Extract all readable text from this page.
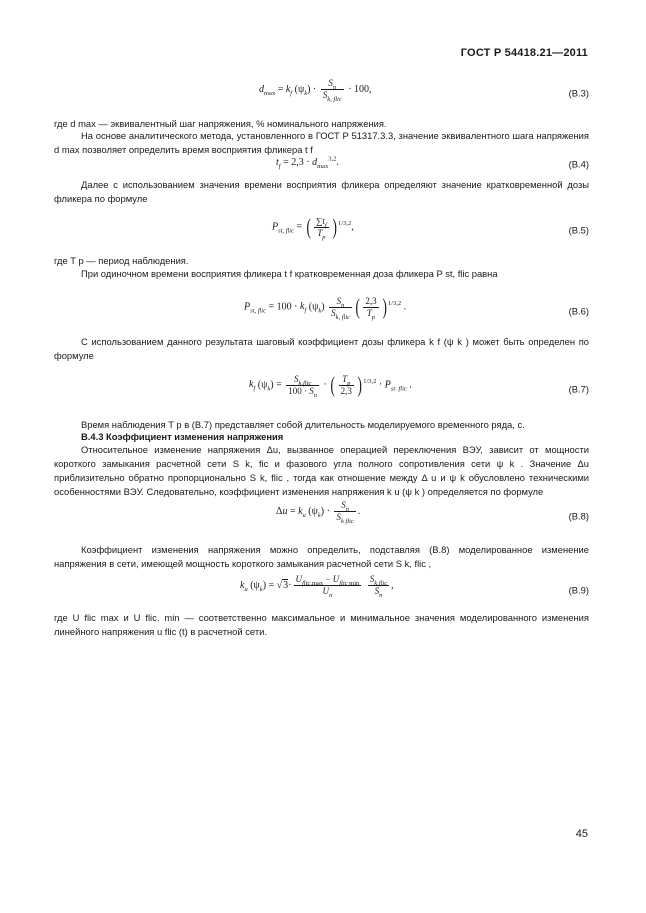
ГОСТ Р 54418.21—2011
$d_{max} = k_f$ $(\psi_k) \cdot \frac{S_n}{S_{k, flic}} \cdot 100$,	(B.3)
где d max — эквивалентный шаг напряжения, % номинального напряжения.
На основе аналитического метода, установленного в ГОСТ Р 51317.3.3, значение эквивалентного шага напряжения d max позволяет определить время восприятия фликера t f
$t_f = 2,3 \cdot d_{max}^{3,2}$.	(B.4)
Далее с использованием значения времени восприятия фликера определяют значение кратковременной дозы фликера по формуле
$P_{st, flic}$ = ( $\frac{\sum t_f}{T_p} )^{1/3,2}$,	(B.5)
где T p — период наблюдения.
При одиночном времени восприятия фликера t f кратковременная доза фликера P st, flic равна
$P_{st, flic} = 100 \cdot k_f$ $(\psi_k) \frac{S_n}{S_{k, flic}}$ ( $\frac{2,3}{T_p} )^{1/3,2}$ .	(B.6)
С использованием данного результата шаговый коэффициент дозы фликера k f (ψ k ) может быть определен по формуле
$k_f$ $(\psi_k) = \frac{S_{k,flic}}{100 \cdot S_n}$ · ( $\frac{T_p}{2,3} )^{1/3,2} \cdot P_{st. flic}$ .	(B.7)
Время наблюдения T p в (B.7) представляет собой длительность моделируемого временного ряда, с.
B.4.3 Коэффициент изменения напряжения
Относительное изменение напряжения Δu, вызванное операцией переключения ВЭУ, зависит от мощности короткого замыкания расчетной сети S k, fic и фазового угла полного сопротивления сети ψ k . Значение Δu приблизительно обратно пропорционально S k, flic , тогда как отношение между Δ u и ψ k обусловлено техническими особенностями ВЭУ. Следовательно, коэффициент изменения напряжения k u (ψ k ) определяется по формуле
$\Delta u = k_u$ $(\psi_k) \cdot \frac{S_n}{S_{k flic}}$ .	(B.8)
Коэффициент изменения напряжения можно определить, подставляя (B.8) моделированное изменение напряжения в сети, имеющей мощность короткого замыкания расчетной сети S k, flic ,
$k_u$ $(\psi_k) = √3\cdot \frac{U_{flic,max} - U_{flic min}}{U_n}$
$\frac{S_{k,flic}}{S_n}$ ,	(B.9)
где U flic max и U flic. min — соответственно максимальное и минимальное значения моделированного изменения линейного напряжения u flic (t) в расчетной сети.
45
